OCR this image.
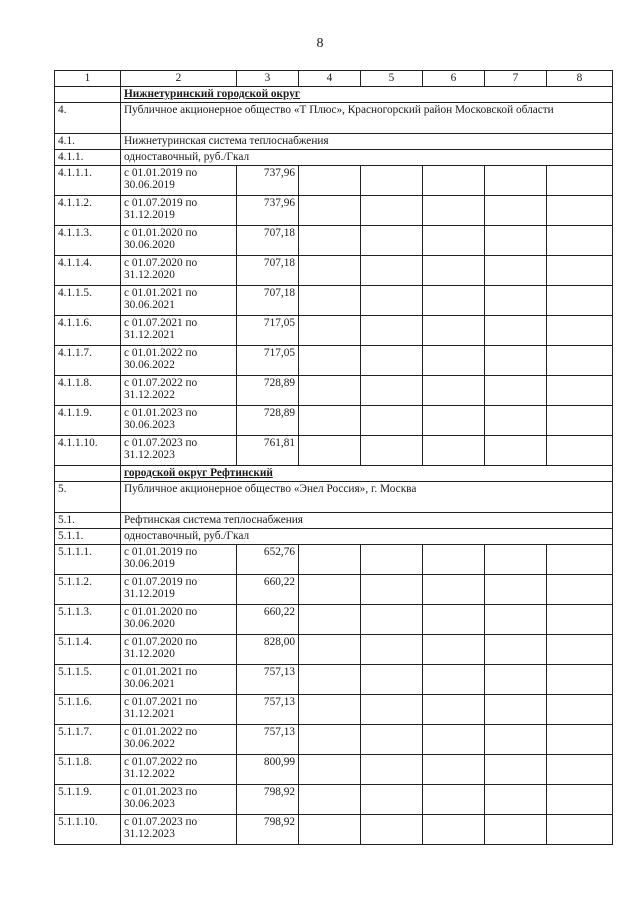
8
1	2	3	4	5	6	7	8
	Нижнетуринский городской округ						
4.	Публичное акционерное общество «Т Плюс», Красногорский район Московской области						
4.1.	Нижнетуринская система теплоснабжения						
4.1.1.	одноставочный, руб./Гкал						
4.1.1.1.	с 01.01.2019 по 30.06.2019	737,96					
4.1.1.2.	с 01.07.2019 по 31.12.2019	737,96					
4.1.1.3.	с 01.01.2020 по 30.06.2020	707,18					
4.1.1.4.	с 01.07.2020 по 31.12.2020	707,18					
4.1.1.5.	с 01.01.2021 по 30.06.2021	707,18					
4.1.1.6.	с 01.07.2021 по 31.12.2021	717,05					
4.1.1.7.	с 01.01.2022 по 30.06.2022	717,05					
4.1.1.8.	с 01.07.2022 по 31.12.2022	728,89					
4.1.1.9.	с 01.01.2023 по 30.06.2023	728,89					
4.1.1.10.	с 01.07.2023 по 31.12.2023	761,81					
	городской округ Рефтинский						
5.	Публичное акционерное общество «Энел Россия», г. Москва						
5.1.	Рефтинская система теплоснабжения						
5.1.1.	одноставочный, руб./Гкал						
5.1.1.1.	с 01.01.2019 по 30.06.2019	652,76					
5.1.1.2.	с 01.07.2019 по 31.12.2019	660,22					
5.1.1.3.	с 01.01.2020 по 30.06.2020	660,22					
5.1.1.4.	с 01.07.2020 по 31.12.2020	828,00					
5.1.1.5.	с 01.01.2021 по 30.06.2021	757,13					
5.1.1.6.	с 01.07.2021 по 31.12.2021	757,13					
5.1.1.7.	с 01.01.2022 по 30.06.2022	757,13					
5.1.1.8.	с 01.07.2022 по 31.12.2022	800,99					
5.1.1.9.	с 01.01.2023 по 30.06.2023	798,92					
5.1.1.10.	с 01.07.2023 по 31.12.2023	798,92					
